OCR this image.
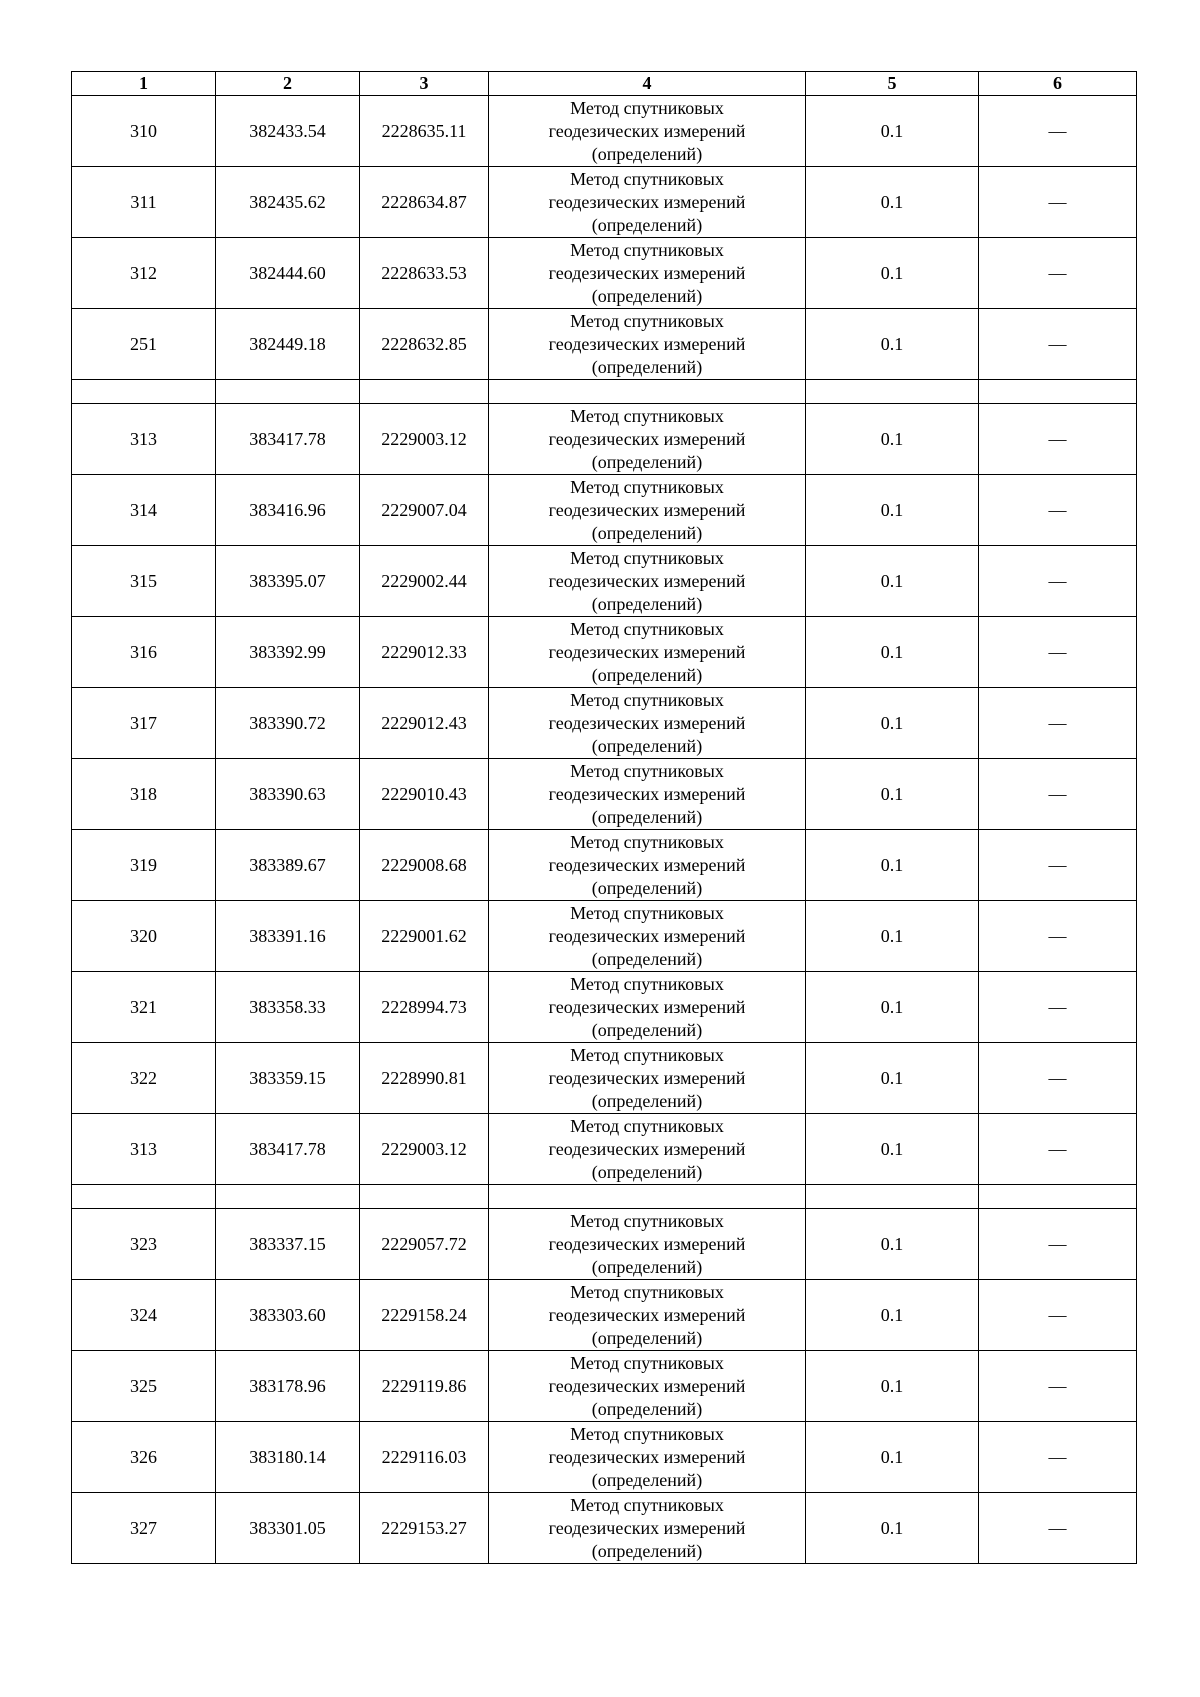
1	2	3	4	5	6
310	382433.54	2228635.11	Метод спутниковых
геодезических измерений
(определений)	0.1	—
311	382435.62	2228634.87	Метод спутниковых
геодезических измерений
(определений)	0.1	—
312	382444.60	2228633.53	Метод спутниковых
геодезических измерений
(определений)	0.1	—
251	382449.18	2228632.85	Метод спутниковых
геодезических измерений
(определений)	0.1	—

313	383417.78	2229003.12	Метод спутниковых
геодезических измерений
(определений)	0.1	—
314	383416.96	2229007.04	Метод спутниковых
геодезических измерений
(определений)	0.1	—
315	383395.07	2229002.44	Метод спутниковых
геодезических измерений
(определений)	0.1	—
316	383392.99	2229012.33	Метод спутниковых
геодезических измерений
(определений)	0.1	—
317	383390.72	2229012.43	Метод спутниковых
геодезических измерений
(определений)	0.1	—
318	383390.63	2229010.43	Метод спутниковых
геодезических измерений
(определений)	0.1	—
319	383389.67	2229008.68	Метод спутниковых
геодезических измерений
(определений)	0.1	—
320	383391.16	2229001.62	Метод спутниковых
геодезических измерений
(определений)	0.1	—
321	383358.33	2228994.73	Метод спутниковых
геодезических измерений
(определений)	0.1	—
322	383359.15	2228990.81	Метод спутниковых
геодезических измерений
(определений)	0.1	—
313	383417.78	2229003.12	Метод спутниковых
геодезических измерений
(определений)	0.1	—

323	383337.15	2229057.72	Метод спутниковых
геодезических измерений
(определений)	0.1	—
324	383303.60	2229158.24	Метод спутниковых
геодезических измерений
(определений)	0.1	—
325	383178.96	2229119.86	Метод спутниковых
геодезических измерений
(определений)	0.1	—
326	383180.14	2229116.03	Метод спутниковых
геодезических измерений
(определений)	0.1	—
327	383301.05	2229153.27	Метод спутниковых
геодезических измерений
(определений)	0.1	—
